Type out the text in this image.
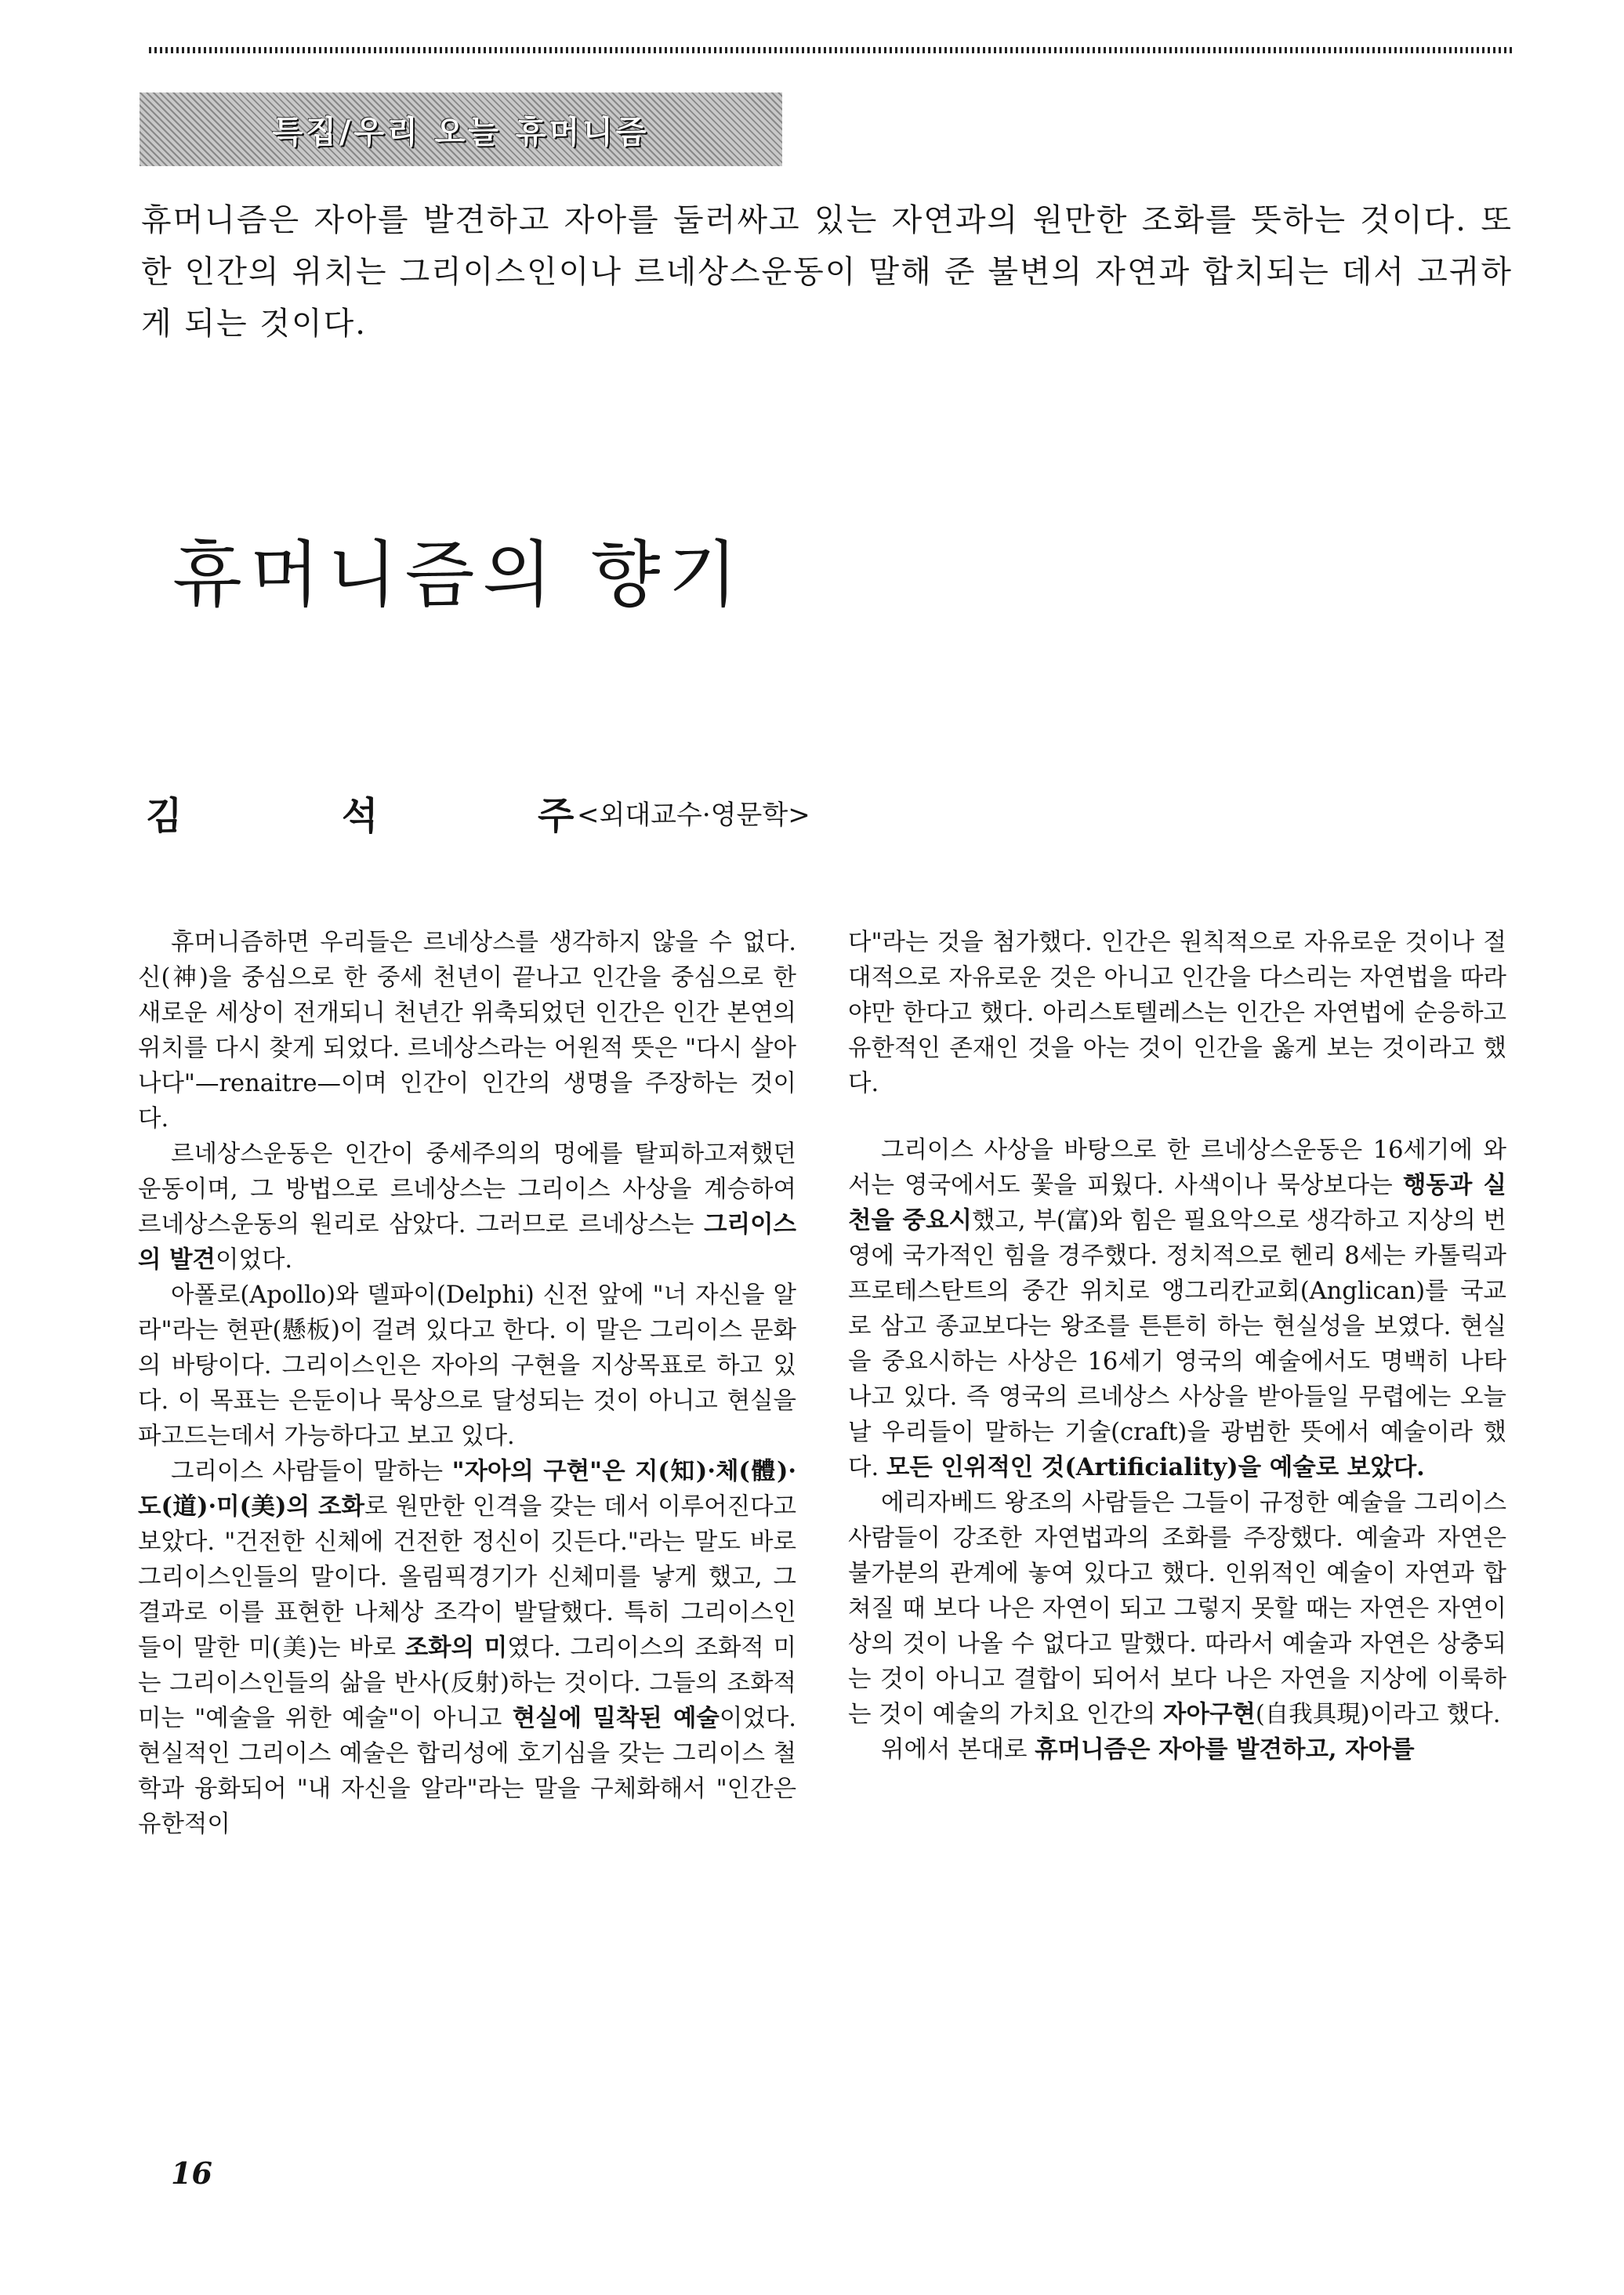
특집/우리 오늘 휴머니즘

휴머니즘은 자아를 발견하고 자아를 둘러싸고 있는 자연과의 원만한 조화를 뜻하는 것이다. 또한 인간의 위치는 그리이스인이나 르네상스운동이 말해 준 불변의 자연과 합치되는 데서 고귀하게 되는 것이다.

휴머니즘의 향기
김	석	주 <외대교수·영문학>

휴머니즘하면 우리들은 르네상스를 생각하지 않을 수 없다. 신(神)을 중심으로 한 중세 천년이 끝나고 인간을 중심으로 한 새로운 세상이 전개되니 천년간 위축되었던 인간은 인간 본연의 위치를 다시 찾게 되었다. 르네상스라는 어원적 뜻은 "다시 살아나다"—renaitre—이며 인간이 인간의 생명을 주장하는 것이다.

르네상스운동은 인간이 중세주의의 멍에를 탈피하고져했던 운동이며, 그 방법으로 르네상스는 그리이스 사상을 계승하여 르네상스운동의 원리로 삼았다. 그러므로 르네상스는 그리이스의 발견이었다.

아폴로(Apollo)와 델파이(Delphi) 신전 앞에 "너 자신을 알라"라는 현판(懸板)이 걸려 있다고 한다. 이 말은 그리이스 문화의 바탕이다. 그리이스인은 자아의 구현을 지상목표로 하고 있다. 이 목표는 은둔이나 묵상으로 달성되는 것이 아니고 현실을 파고드는데서 가능하다고 보고 있다.

그리이스 사람들이 말하는 "자아의 구현"은 지(知)·체(體)·도(道)·미(美)의 조화로 원만한 인격을 갖는 데서 이루어진다고 보았다. "건전한 신체에 건전한 정신이 깃든다."라는 말도 바로 그리이스인들의 말이다. 올림픽경기가 신체미를 낳게 했고, 그 결과로 이를 표현한 나체상 조각이 발달했다. 특히 그리이스인들이 말한 미(美)는 바로 조화의 미였다. 그리이스의 조화적 미는 그리이스인들의 삶을 반사(反射)하는 것이다. 그들의 조화적 미는 "예술을 위한 예술"이 아니고 현실에 밀착된 예술이었다. 현실적인 그리이스 예술은 합리성에 호기심을 갖는 그리이스 철학과 융화되어 "내 자신을 알라"라는 말을 구체화해서 "인간은 유한적이

다"라는 것을 첨가했다. 인간은 원칙적으로 자유로운 것이나 절대적으로 자유로운 것은 아니고 인간을 다스리는 자연법을 따라야만 한다고 했다. 아리스토텔레스는 인간은 자연법에 순응하고 유한적인 존재인 것을 아는 것이 인간을 옳게 보는 것이라고 했다.

그리이스 사상을 바탕으로 한 르네상스운동은 16세기에 와서는 영국에서도 꽃을 피웠다. 사색이나 묵상보다는 행동과 실천을 중요시했고, 부(富)와 힘은 필요악으로 생각하고 지상의 번영에 국가적인 힘을 경주했다. 정치적으로 헨리 8세는 카톨릭과 프로테스탄트의 중간 위치로 앵그리칸교회(Anglican)를 국교로 삼고 종교보다는 왕조를 튼튼히 하는 현실성을 보였다. 현실을 중요시하는 사상은 16세기 영국의 예술에서도 명백히 나타나고 있다. 즉 영국의 르네상스 사상을 받아들일 무렵에는 오늘날 우리들이 말하는 기술(craft)을 광범한 뜻에서 예술이라 했다. 모든 인위적인 것(Artificiality)을 예술로 보았다.

에리자베드 왕조의 사람들은 그들이 규정한 예술을 그리이스 사람들이 강조한 자연법과의 조화를 주장했다. 예술과 자연은 불가분의 관계에 놓여 있다고 했다. 인위적인 예술이 자연과 합쳐질 때 보다 나은 자연이 되고 그렇지 못할 때는 자연은 자연이상의 것이 나올 수 없다고 말했다. 따라서 예술과 자연은 상충되는 것이 아니고 결합이 되어서 보다 나은 자연을 지상에 이룩하는 것이 예술의 가치요 인간의 자아구현(自我具現)이라고 했다.

위에서 본대로 휴머니즘은 자아를 발견하고, 자아를

16
